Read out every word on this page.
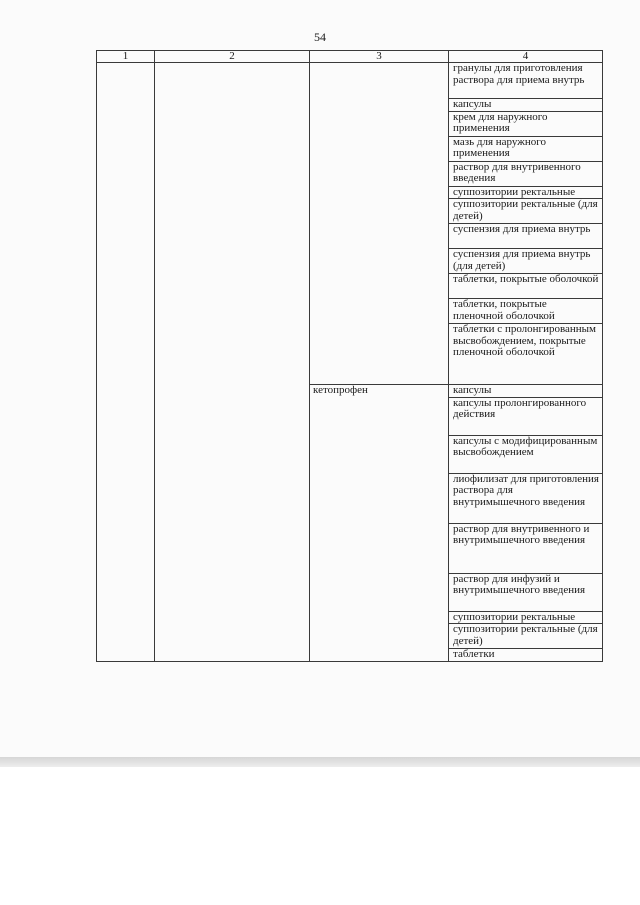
54
1	2	3	4
			гранулы для приготовления раствора для приема внутрь
			капсулы
			крем для наружного применения
			мазь для наружного применения
			раствор для внутривенного введения
			суппозитории ректальные
			суппозитории ректальные (для детей)
			суспензия для приема внутрь
			суспензия для приема внутрь (для детей)
			таблетки, покрытые оболочкой
			таблетки, покрытые пленочной оболочкой
			таблетки с пролонгированным высвобождением, покрытые пленочной оболочкой
		кетопрофен	капсулы
			капсулы пролонгированного действия
			капсулы с модифицированным высвобождением
			лиофилизат для приготовления раствора для внутримышечного введения
			раствор для внутривенного и внутримышечного введения
			раствор для инфузий и внутримышечного введения
			суппозитории ректальные
			суппозитории ректальные (для детей)
			таблетки
